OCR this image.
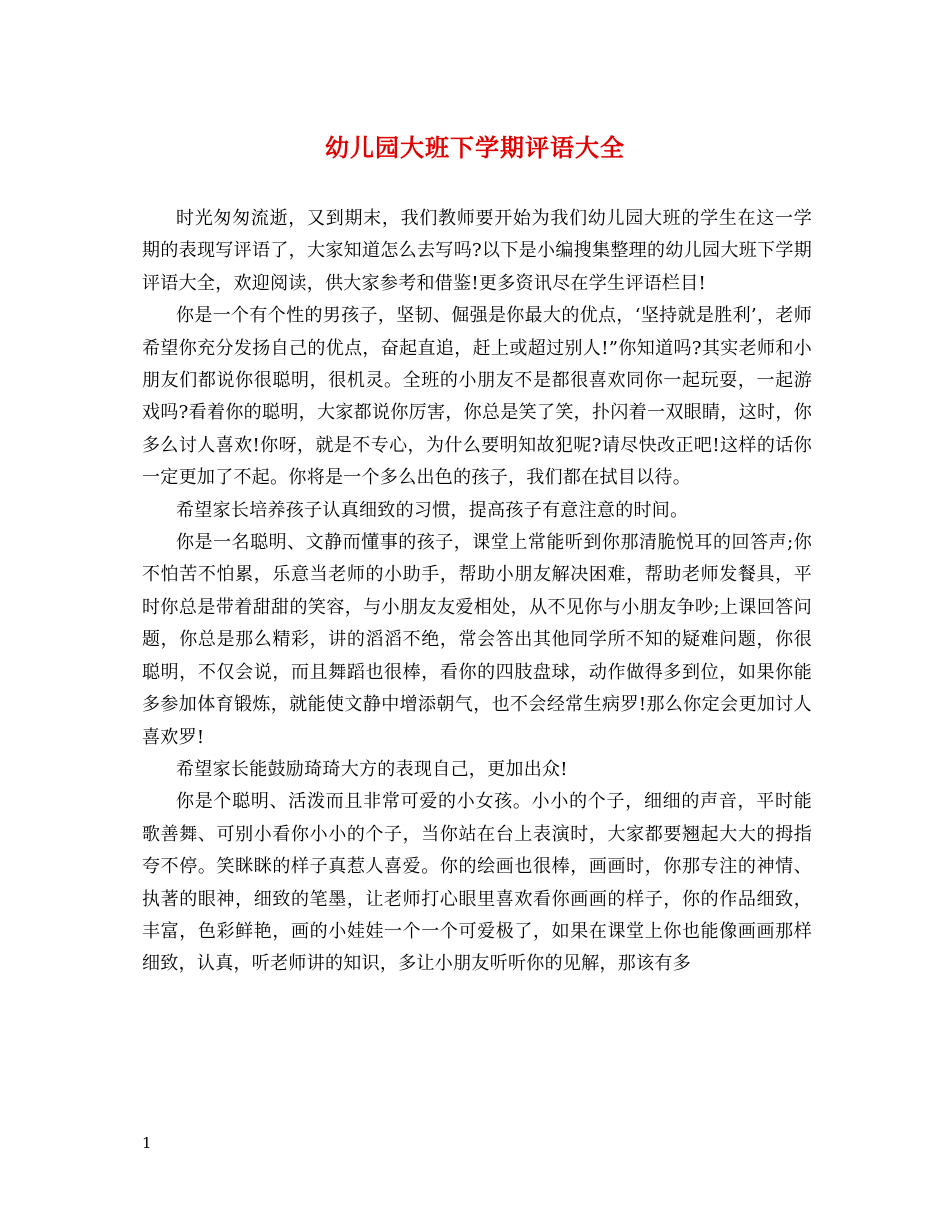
幼儿园大班下学期评语大全

时光匆匆流逝，又到期末，我们教师要开始为我们幼儿园大班的学生在这一学期的表现写评语了，大家知道怎么去写吗?以下是小编搜集整理的幼儿园大班下学期评语大全，欢迎阅读，供大家参考和借鉴!更多资讯尽在学生评语栏目!

你是一个有个性的男孩子，坚韧、倔强是你最大的优点，‘坚持就是胜利’，老师希望你充分发扬自己的优点，奋起直追，赶上或超过别人!”你知道吗?其实老师和小朋友们都说你很聪明，很机灵。全班的小朋友不是都很喜欢同你一起玩耍，一起游戏吗?看着你的聪明，大家都说你厉害，你总是笑了笑，扑闪着一双眼睛，这时，你多么讨人喜欢!你呀，就是不专心，为什么要明知故犯呢?请尽快改正吧!这样的话你一定更加了不起。你将是一个多么出色的孩子，我们都在拭目以待。

希望家长培养孩子认真细致的习惯，提高孩子有意注意的时间。

你是一名聪明、文静而懂事的孩子，课堂上常能听到你那清脆悦耳的回答声;你不怕苦不怕累，乐意当老师的小助手，帮助小朋友解决困难，帮助老师发餐具，平时你总是带着甜甜的笑容，与小朋友友爱相处，从不见你与小朋友争吵;上课回答问题，你总是那么精彩，讲的滔滔不绝，常会答出其他同学所不知的疑难问题，你很聪明，不仅会说，而且舞蹈也很棒，看你的四肢盘球，动作做得多到位，如果你能多参加体育锻炼，就能使文静中增添朝气，也不会经常生病罗!那么你定会更加讨人喜欢罗!

希望家长能鼓励琦琦大方的表现自己，更加出众!

你是个聪明、活泼而且非常可爱的小女孩。小小的个子，细细的声音，平时能歌善舞、可别小看你小小的个子，当你站在台上表演时，大家都要翘起大大的拇指夸不停。笑眯眯的样子真惹人喜爱。你的绘画也很棒，画画时，你那专注的神情、执著的眼神，细致的笔墨，让老师打心眼里喜欢看你画画的样子，你的作品细致，丰富，色彩鲜艳，画的小娃娃一个一个可爱极了，如果在课堂上你也能像画画那样细致，认真，听老师讲的知识，多让小朋友听听你的见解，那该有多

1
